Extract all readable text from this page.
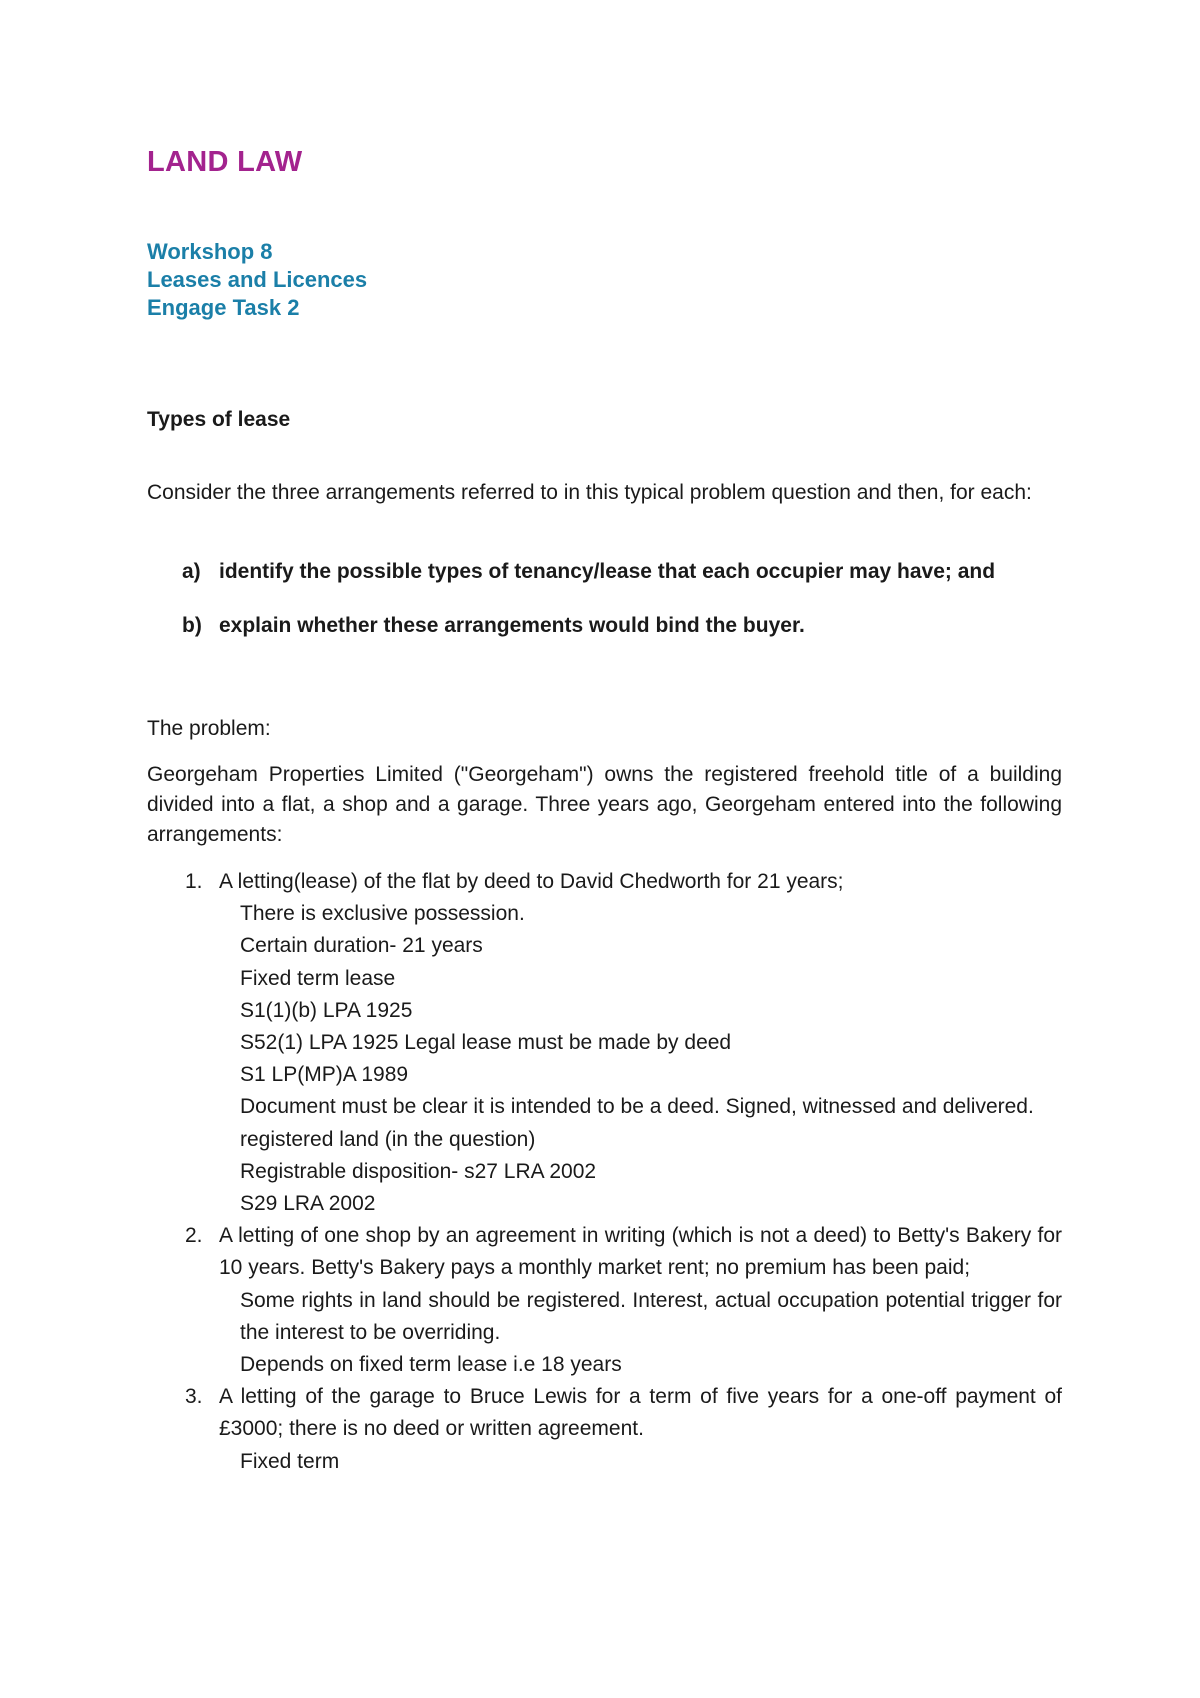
LAND LAW

Workshop 8

Leases and Licences

Engage Task 2

Types of lease

Consider the three arrangements referred to in this typical problem question and then, for each:

a) identify the possible types of tenancy/lease that each occupier may have; and
b) explain whether these arrangements would bind the buyer.

The problem:

Georgeham Properties Limited ("Georgeham") owns the registered freehold title of a building divided into a flat, a shop and a garage. Three years ago, Georgeham entered into the following arrangements:

1. A letting(lease) of the flat by deed to David Chedworth for 21 years;

There is exclusive possession.

Certain duration- 21 years

Fixed term lease

S1(1)(b) LPA 1925

S52(1) LPA 1925 Legal lease must be made by deed

S1 LP(MP)A 1989

Document must be clear it is intended to be a deed. Signed, witnessed and delivered.

registered land (in the question)

Registrable disposition- s27 LRA 2002

S29 LRA 2002

2. A letting of one shop by an agreement in writing (which is not a deed) to Betty's Bakery for 10 years. Betty's Bakery pays a monthly market rent; no premium has been paid;

Some rights in land should be registered. Interest, actual occupation potential trigger for the interest to be overriding.

Depends on fixed term lease i.e 18 years

3. A letting of the garage to Bruce Lewis for a term of five years for a one-off payment of £3000; there is no deed or written agreement.

Fixed term
